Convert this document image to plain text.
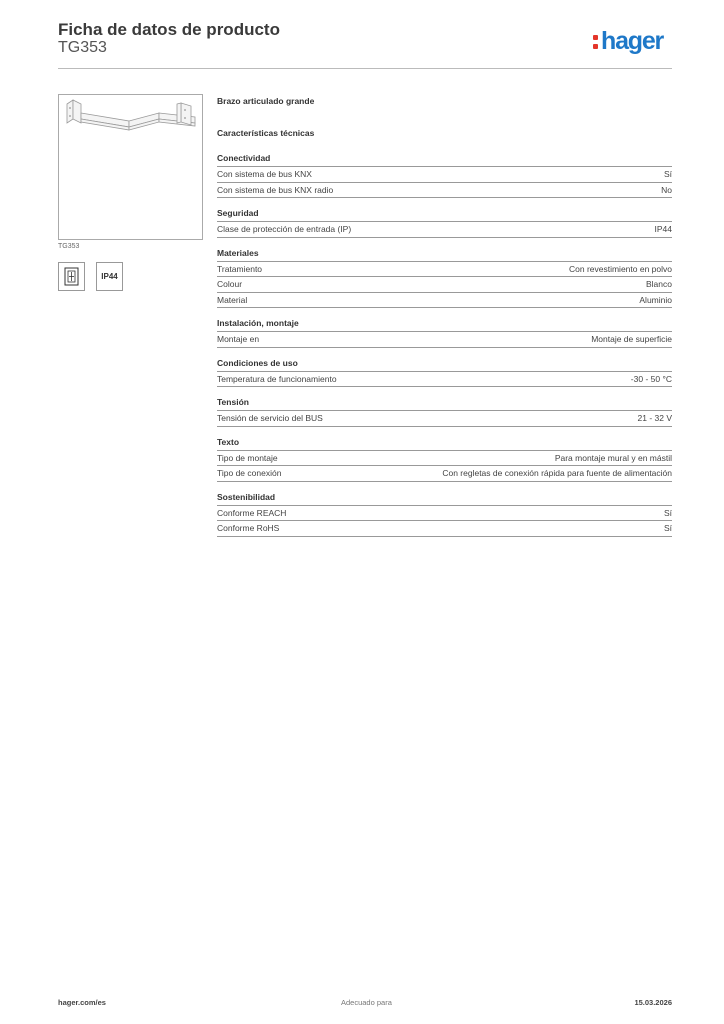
Ficha de datos de producto
TG353	hager
TG353
IP44
Brazo articulado grande
Características técnicas
Conectividad
Con sistema de bus KNX	Sí
Con sistema de bus KNX radio	No
Seguridad
Clase de protección de entrada (IP)	IP44
Materiales
Tratamiento	Con revestimiento en polvo
Colour	Blanco
Material	Aluminio
Instalación, montaje
Montaje en	Montaje de superficie
Condiciones de uso
Temperatura de funcionamiento	-30 - 50 °C
Tensión
Tensión de servicio del BUS	21 - 32 V
Texto
Tipo de montaje	Para montaje mural y en mástil
Tipo de conexión	Con regletas de conexión rápida para fuente de alimentación
Sostenibilidad
Conforme REACH	Sí
Conforme RoHS	Sí
hager.com/es	Adecuado para	15.03.2026
